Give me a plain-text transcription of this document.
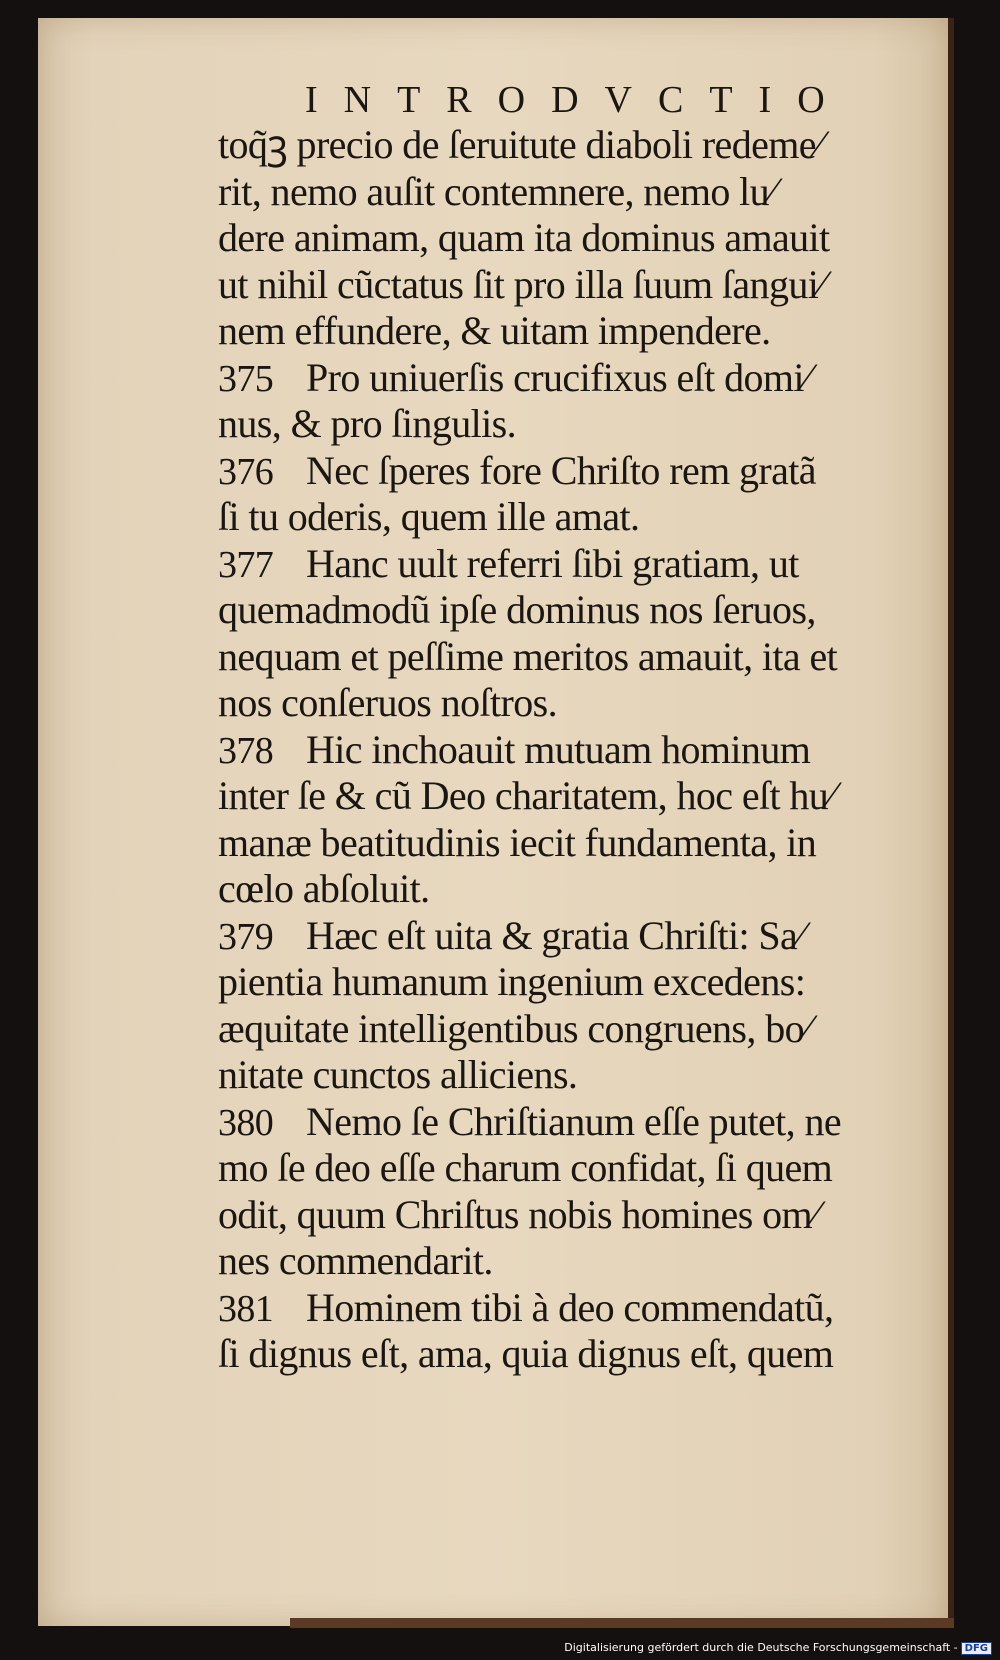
INTRODVCTIO
toq̃ꝫ precio de ſeruitute diaboli redeme⁄
rit, nemo auſit contemnere, nemo lu⁄
dere animam, quam ita dominus amauit
ut nihil cũctatus ſit pro illa ſuum ſangui⁄
nem effundere, & uitam impendere.
375 Pro uniuerſis crucifixus eſt domi⁄
nus, & pro ſingulis.
376 Nec ſperes fore Chriſto rem gratã
ſi tu oderis, quem ille amat.
377 Hanc uult referri ſibi gratiam, ut
quemadmodũ ipſe dominus nos ſeruos,
nequam et peſſime meritos amauit, ita et
nos conſeruos noſtros.
378 Hic inchoauit mutuam hominum
inter ſe & cũ Deo charitatem, hoc eſt hu⁄
manæ beatitudinis iecit fundamenta, in
cœlo abſoluit.
379 Hæc eſt uita & gratia Chriſti: Sa⁄
pientia humanum ingenium excedens:
æquitate intelligentibus congruens, bo⁄
nitate cunctos alliciens.
380 Nemo ſe Chriſtianum eſſe putet, ne
mo ſe deo eſſe charum confidat, ſi quem
odit, quum Chriſtus nobis homines om⁄
nes commendarit.
381 Hominem tibi à deo commendatũ,
ſi dignus eſt, ama, quia dignus eſt, quem
Digitalisierung gefördert durch die Deutsche Forschungsgemeinschaft - DFG
